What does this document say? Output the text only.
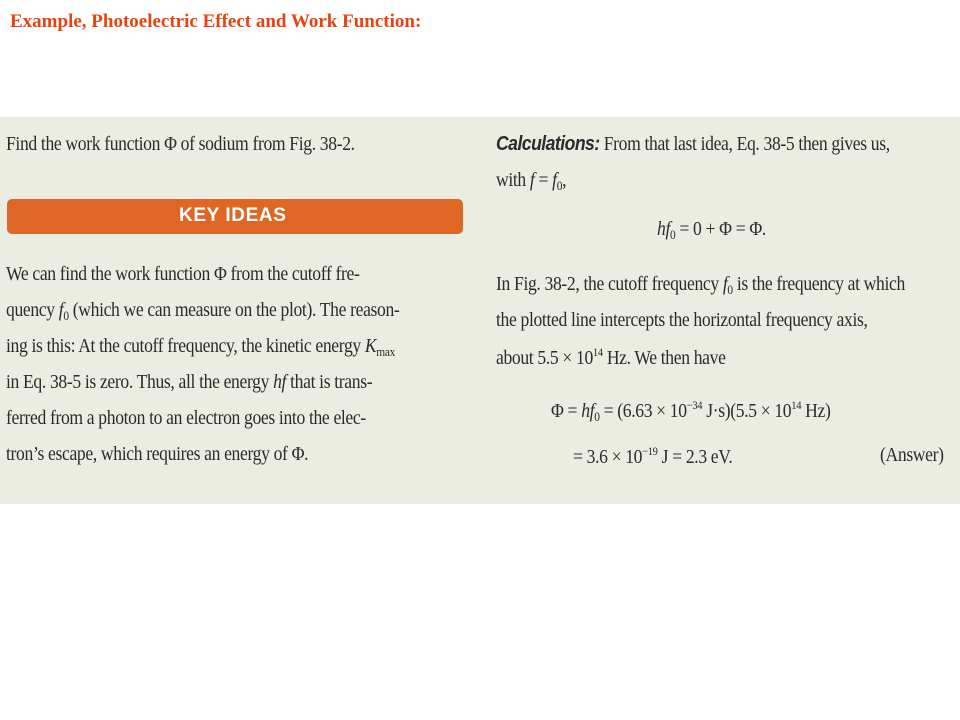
Example, Photoelectric Effect and Work Function:
Find the work function Φ of sodium from Fig. 38-2.
KEY IDEAS
We can find the work function Φ from the cutoff fre-
quency $f_0$ (which we can measure on the plot). The reason-
ing is this: At the cutoff frequency, the kinetic energy $K_{max}$
in Eq. 38-5 is zero. Thus, all the energy hf that is trans-
ferred from a photon to an electron goes into the elec-
tron’s escape, which requires an energy of Φ.
Calculations: From that last idea, Eq. 38-5 then gives us,
with $f = f_0$,
$hf_0 = 0 + \Phi = \Phi$.
In Fig. 38-2, the cutoff frequency $f_0$ is the frequency at which
the plotted line intercepts the horizontal frequency axis,
about $5.5 \times 10^{14}$ Hz. We then have
$\Phi = hf_0 = (6.63 \times 10^{-34}$ $J\cdot s)(5.5 \times 10^{14}$ Hz)
= $3.6 \times 10^{-19}$ J = 2.3 eV.	(Answer)
